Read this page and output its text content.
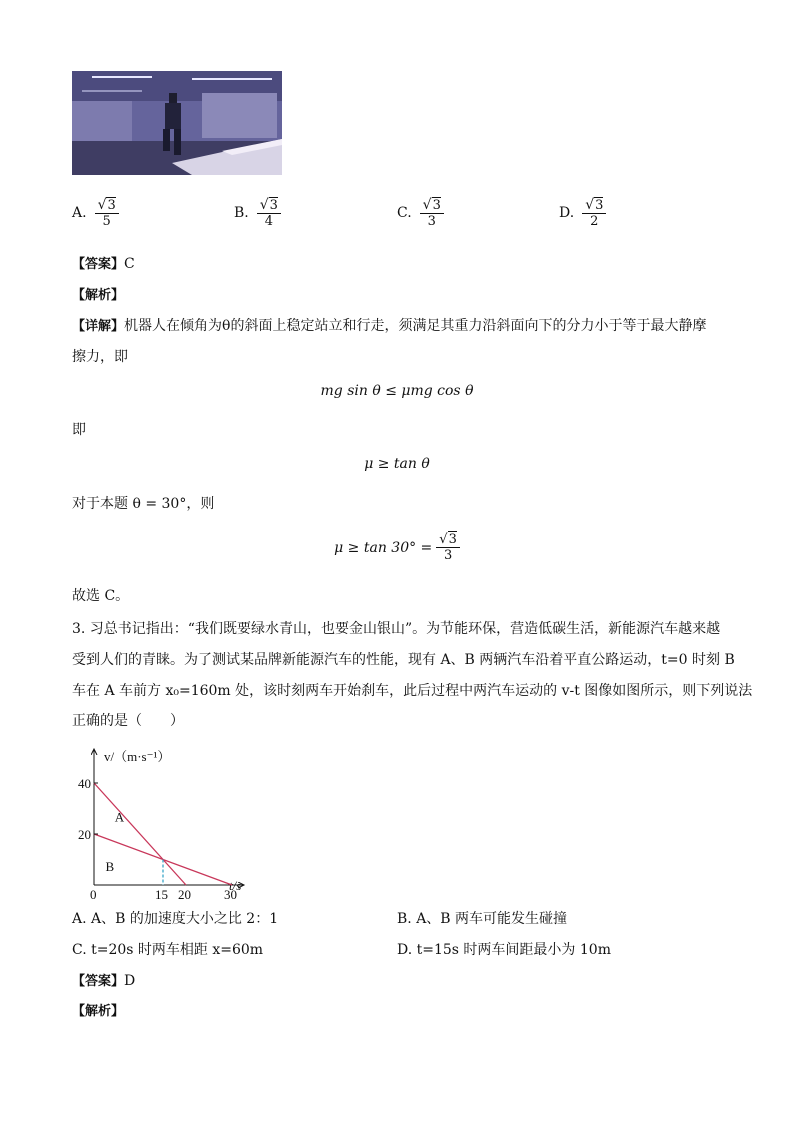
A. $\frac{√3}{5}$	B. $\frac{√3}{4}$	C. $\frac{√3}{3}$	D. $\frac{√3}{2}$
【答案】C
【解析】
【详解】机器人在倾角为θ的斜面上稳定站立和行走，须满足其重力沿斜面向下的分力小于等于最大静摩
擦力，即
mg sin θ ≤ μmg cos θ
即
μ ≥ tan θ
对于本题 θ = 30°，则
$\mu \ge \tan 30^\circ = \frac{√3}{3}$
故选 C。
3. 习总书记指出：“我们既要绿水青山，也要金山银山”。为节能环保，营造低碳生活，新能源汽车越来越
受到人们的青睐。为了测试某品牌新能源汽车的性能，现有 A、B 两辆汽车沿着平直公路运动，t=0 时刻 B
车在 A 车前方 x₀=160m 处，该时刻两车开始刹车，此后过程中两汽车运动的 v-t 图像如图所示，则下列说法
正确的是（　　）
v/（m·s⁻¹）
t/s
A
B
40
20
0	15 20	30
A. A、B 的加速度大小之比 2：1	B. A、B 两车可能发生碰撞
C. t=20s 时两车相距 x=60m	D. t=15s 时两车间距最小为 10m
【答案】D
【解析】
